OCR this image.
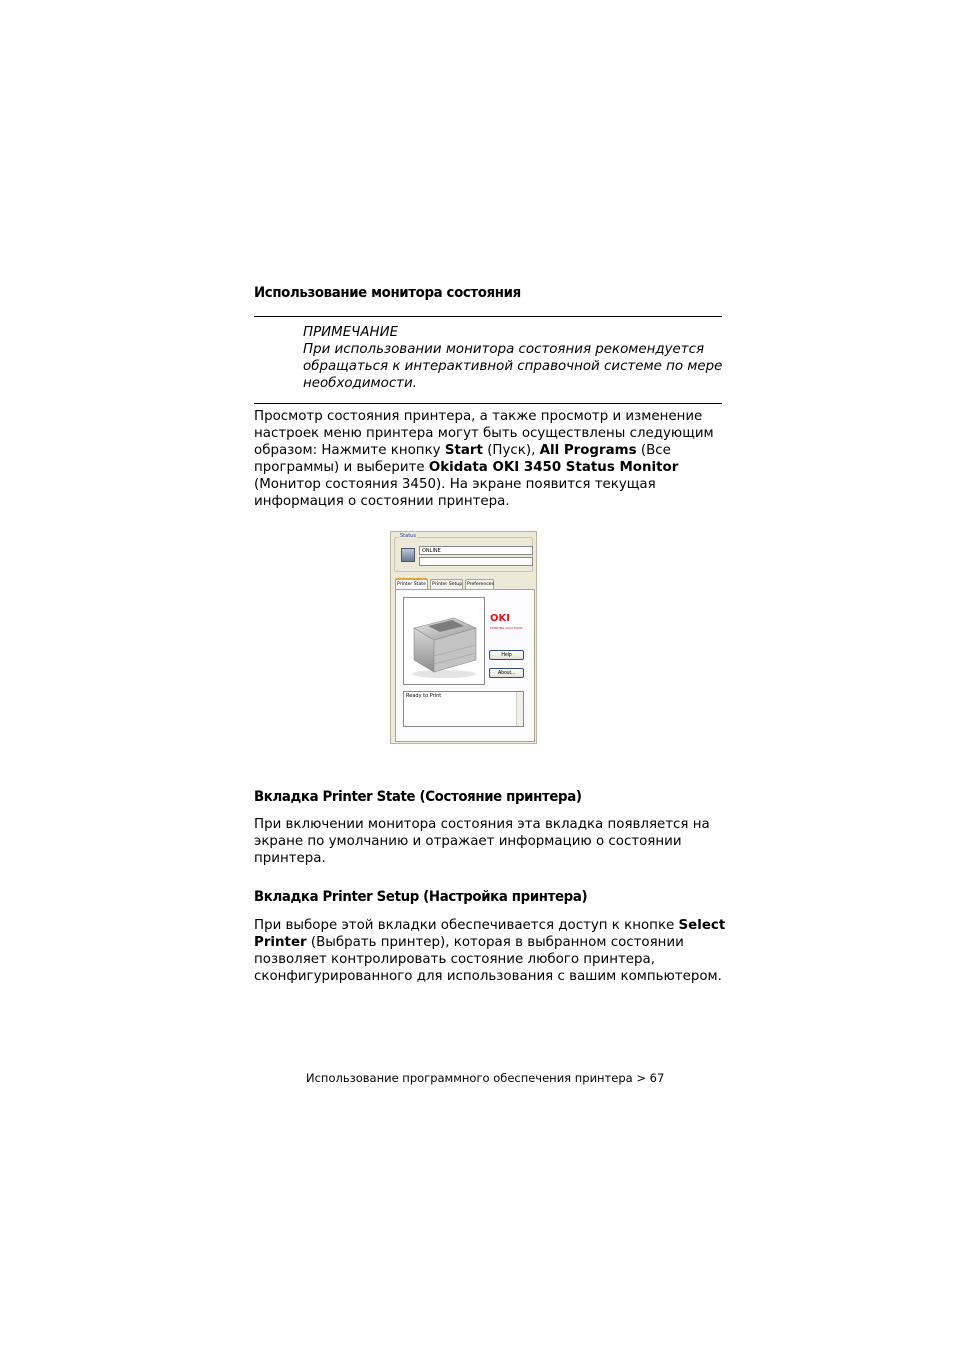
Использование монитора состояния

ПРИМЕЧАНИЕ

При использовании монитора состояния рекомендуется

обращаться к интерактивной справочной системе по мере

необходимости.

Просмотр состояния принтера, а также просмотр и изменение

настроек меню принтера могут быть осуществлены следующим

образом: Нажмите кнопку Start (Пуск), All Programs (Все

программы) и выберите Okidata OKI 3450 Status Monitor

(Монитор состояния 3450). На экране появится текущая

информация о состоянии принтера.

Status
ONLINE
Printer State	Printer Setup	Preferences
OKI
PRINTING SOLUTIONS
Help
About...
Ready to Print
Вкладка Printer State (Состояние принтера)

При включении монитора состояния эта вкладка появляется на

экране по умолчанию и отражает информацию о состоянии

принтера.

Вкладка Printer Setup (Настройка принтера)

При выборе этой вкладки обеспечивается доступ к кнопке Select

Printer (Выбрать принтер), которая в выбранном состоянии

позволяет контролировать состояние любого принтера,

сконфигурированного для использования с вашим компьютером.

Использование программного обеспечения принтера > 67
